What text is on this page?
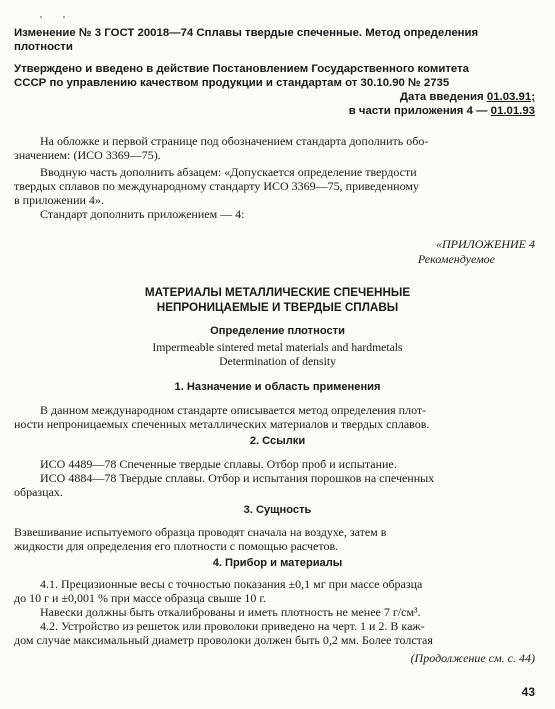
' '
Изменение № 3 ГОСТ 20018—74 Сплавы твердые спеченные. Метод определения
плотности
Утверждено и введено в действие Постановлением Государственного комитета
СССР по управлению качеством продукции и стандартам от 30.10.90 № 2735
Дата введения 01.03.91;
в части приложения 4 — 01.01.93
На обложке и первой странице под обозначением стандарта дополнить обо-
значением: (ИСО 3369—75).
Вводную часть дополнить абзацем: «Допускается определение твердости
твердых сплавов по международному стандарту ИСО 3369—75, приведенному
в приложении 4».
Стандарт дополнить приложением — 4:
«ПРИЛОЖЕНИЕ 4
Рекомендуемое
МАТЕРИАЛЫ МЕТАЛЛИЧЕСКИЕ СПЕЧЕННЫЕ
НЕПРОНИЦАЕМЫЕ И ТВЕРДЫЕ СПЛАВЫ
Определение плотности
Impermeable sintered metal materials and hardmetals
Determination of density
1. Назначение и область применения
В данном международном стандарте описывается метод определения плот-
ности непроницаемых спеченных металлических материалов и твердых сплавов.
2. Ссылки
ИСО 4489—78 Спеченные твердые сплавы. Отбор проб и испытание.
ИСО 4884—78 Твердые сплавы. Отбор и испытания порошков на спеченных
образцах.
3. Сущность
Взвешивание испытуемого образца проводят сначала на воздухе, затем в
жидкости для определения его плотности с помощью расчетов.
4. Прибор и материалы
4.1. Прецизионные весы с точностью показания ±0,1 мг при массе образца
до 10 г и ±0,001 % при массе образца свыше 10 г.
Навески должны быть откалиброваны и иметь плотность не менее 7 г/см³.
4.2. Устройство из решеток или проволоки приведено на черт. 1 и 2. В каж-
дом случае максимальный диаметр проволоки должен быть 0,2 мм. Более толстая
(Продолжение см. с. 44)
43
